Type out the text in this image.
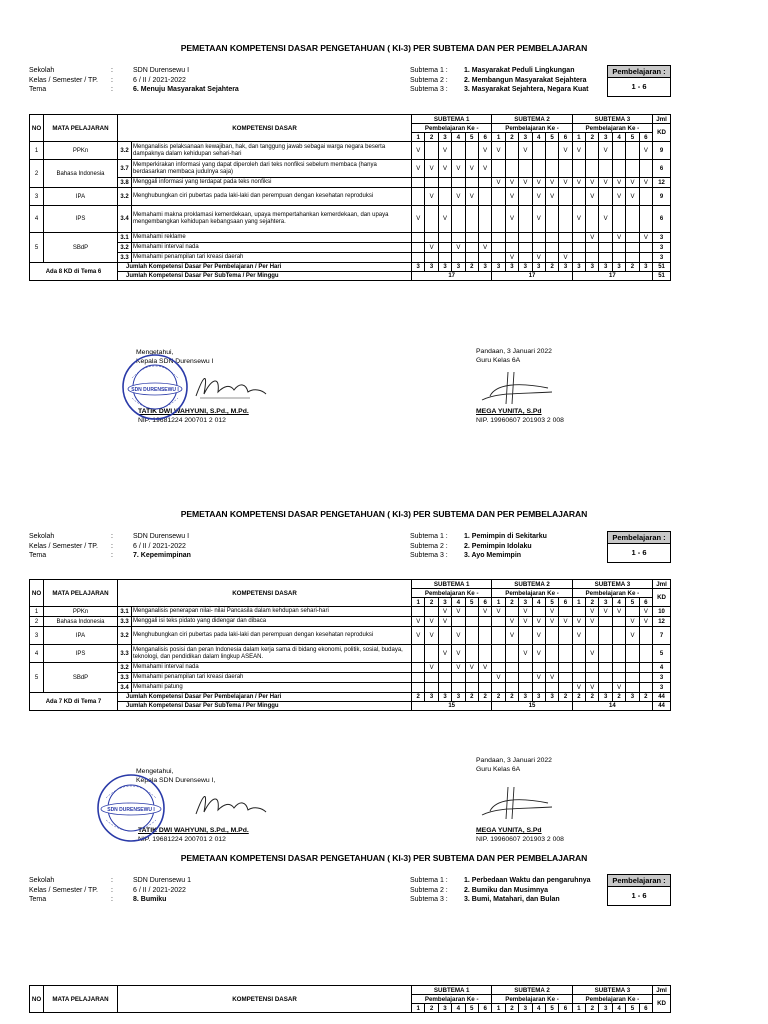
PEMETAAN KOMPETENSI DASAR PENGETAHUAN ( KI-3) PER SUBTEMA DAN PER PEMBELAJARAN
Sekolah	:	SDN Durensewu I
Kelas / Semester / TP.	:	6 / II / 2021-2022
Tema	:	6. Menuju Masyarakat Sejahtera
Subtema 1 :	1. Masyarakat Peduli Lingkungan
Subtema 2 :	2. Membangun Masyarakat Sejahtera
Subtema 3 :	3. Masyarakat Sejahtera, Negara Kuat
Pembelajaran :
1 - 6
NO	MATA PELAJARAN	KOMPETENSI DASAR		SUBTEMA 1						SUBTEMA 2						SUBTEMA 3						Jml
				Pembelajaran Ke -						Pembelajaran Ke -						Pembelajaran Ke -						KD
				1	2	3	4	5	6	1	2	3	4	5	6	1	2	3	4	5	6	
1	PPKn	3.2	Menganalisis pelaksanaan kewajiban, hak, dan tanggung jawab sebagai warga negara beserta dampaknya dalam kehidupan sehari-hari	V		V			V	V		V			V	V		V			V	9
2	Bahasa Indonesia	3.7	Memperkirakan informasi yang dapat diperoleh dari teks nonfiksi sebelum membaca (hanya berdasarkan membaca judulnya saja)	V	V	V	V	V	V													6
		3.8	Menggali informasi yang terdapat pada teks nonfiksi							V	V	V	V	V	V	V	V	V	V	V	V	12
3	IPA	3.2	Menghubungkan ciri pubertas pada laki-laki dan perempuan dengan kesehatan reproduksi		V		V	V			V		V	V			V		V	V		9
4	IPS	3.4	Memahami makna proklamasi kemerdekaan, upaya mempertahankan kemerdekaan, dan upaya mengembangkan kehidupan kebangsaan yang sejahtera.	V		V					V		V			V		V				6
5	SBdP	3.1	Memahami reklame														V		V		V	3
		3.2	Memahami interval nada		V		V		V													3
		3.3	Memahami penampilan tari kreasi daerah								V		V		V							3
Ada 8 KD di Tema 6		Jumlah Kompetensi Dasar Per Pembelajaran / Per Hari		3	3	3	3	2	3	3	3	3	3	2	3	3	3	3	3	2	3	51
		Jumlah Kompetensi Dasar Per SubTema / Per Minggu		17						17						17						51
Mengetahui,
Kepala SDN Durensewu I
TATIK DWI WAHYUNI, S.Pd., M.Pd.
NIP. 19681224 200701 2 012
Pandaan, 3 Januari 2022
Guru Kelas 6A
MEGA YUNITA, S.Pd
NIP. 19960607 201903 2 008
SDN DURENSEWU I
PEMETAAN KOMPETENSI DASAR PENGETAHUAN ( KI-3) PER SUBTEMA DAN PER PEMBELAJARAN
Sekolah	:	SDN Durensewu I
Kelas / Semester / TP.	:	6 / II / 2021-2022
Tema	:	7. Kepemimpinan
Subtema 1 :	1. Pemimpin di Sekitarku
Subtema 2 :	2. Pemimpin Idolaku
Subtema 3 :	3. Ayo Memimpin
Pembelajaran :
1 - 6
NO	MATA PELAJARAN	KOMPETENSI DASAR		SUBTEMA 1						SUBTEMA 2						SUBTEMA 3						Jml
				Pembelajaran Ke -						Pembelajaran Ke -						Pembelajaran Ke -						KD
				1	2	3	4	5	6	1	2	3	4	5	6	1	2	3	4	5	6	
1	PPKn	3.1	Menganalisis penerapan nilai- nilai Pancasila dalam kehdupan sehari-hari			V	V		V	V		V		V			V	V	V		V	10
2	Bahasa Indonesia	3.3	Menggali isi teks pidato yang didengar dan dibaca	V	V	V					V	V	V	V	V	V	V			V	V	12
3	IPA	3.2	Menghubungkan ciri pubertas pada laki-laki dan perempuan dengan kesehatan reproduksi	V	V		V				V		V			V				V		7
4	IPS	3.3	Menganalisis posisi dan peran Indonesia dalam kerja sama di bidang ekonomi, politik, sosial, budaya, teknologi, dan pendidikan dalam lingkup ASEAN.			V	V					V	V				V					5
5	SBdP	3.2	Memahami interval nada		V		V	V	V													4
		3.3	Memahami penampilan tari kreasi daerah							V			V	V								3
		3.4	Memahami patung													V	V		V			3
Ada 7 KD di Tema 7		Jumlah Kompetensi Dasar Per Pembelajaran / Per Hari		2	3	3	3	2	2	2	2	3	3	3	2	2	2	3	2	3	2	44
		Jumlah Kompetensi Dasar Per SubTema / Per Minggu		15						15						14						44
Mengetahui,
Kepala SDN Durensewu I,
TATIK DWI WAHYUNI, S.Pd., M.Pd.
NIP. 19681224 200701 2 012
Pandaan, 3 Januari 2022
Guru Kelas 6A
MEGA YUNITA, S.Pd
NIP. 19960607 201903 2 008
SDN DURENSEWU I
PEMETAAN KOMPETENSI DASAR PENGETAHUAN ( KI-3) PER SUBTEMA DAN PER PEMBELAJARAN
Sekolah	:	SDN Durensewu 1
Kelas / Semester / TP.	:	6 / II / 2021-2022
Tema	:	8. Bumiku
Subtema 1 :	1. Perbedaan Waktu dan pengaruhnya
Subtema 2 :	2. Bumiku dan Musimnya
Subtema 3 :	3. Bumi, Matahari, dan Bulan
Pembelajaran :
1 - 6
NO	MATA PELAJARAN	KOMPETENSI DASAR	SUBTEMA 1						SUBTEMA 2						SUBTEMA 3						Jml
			Pembelajaran Ke -						Pembelajaran Ke -						Pembelajaran Ke -						KD
			1	2	3	4	5	6	1	2	3	4	5	6	1	2	3	4	5	6	
